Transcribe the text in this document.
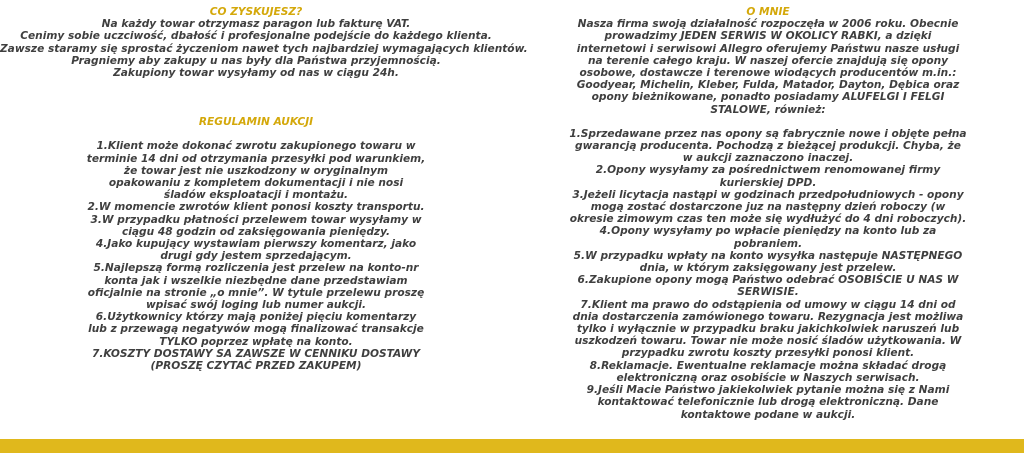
CO ZYSKUJESZ?
Na każdy towar otrzymasz paragon lub fakturę VAT.
Cenimy sobie uczciwość, dbałość i profesjonalne podejście do każdego klienta.
Zawsze staramy się sprostać życzeniom nawet tych najbardziej wymagających klientów.
Pragniemy aby zakupy u nas były dla Państwa przyjemnością.
Zakupiony towar wysyłamy od nas w ciągu 24h.
REGULAMIN AUKCJI
1.Klient może dokonać zwrotu zakupionego towaru w
terminie 14 dni od otrzymania przesyłki pod warunkiem,
że towar jest nie uszkodzony w oryginalnym
opakowaniu z kompletem dokumentacji i nie nosi
śladów eksploatacji i montażu.
2.W momencie zwrotów klient ponosi koszty transportu.
3.W przypadku płatności przelewem towar wysyłamy w
ciągu 48 godzin od zaksięgowania pieniędzy.
4.Jako kupujący wystawiam pierwszy komentarz, jako
drugi gdy jestem sprzedającym.
5.Najlepszą formą rozliczenia jest przelew na konto-nr
konta jak i wszelkie niezbędne dane przedstawiam
oficjalnie na stronie „o mnie”. W tytule przelewu proszę
wpisać swój loging lub numer aukcji.
6.Użytkownicy którzy mają poniżej pięciu komentarzy
lub z przewagą negatywów mogą finalizować transakcje
TYLKO poprzez wpłatę na konto.
7.KOSZTY DOSTAWY SA ZAWSZE W CENNIKU DOSTAWY
(PROSZĘ CZYTAĆ PRZED ZAKUPEM)
O MNIE
Nasza firma swoją działalność rozpoczęła w 2006 roku. Obecnie
prowadzimy JEDEN SERWIS W OKOLICY RABKI, a dzięki
internetowi i serwisowi Allegro oferujemy Państwu nasze usługi
na terenie całego kraju. W naszej ofercie znajdują się opony
osobowe, dostawcze i terenowe wiodących producentów m.in.:
Goodyear, Michelin, Kleber, Fulda, Matador, Dayton, Dębica oraz
opony bieżnikowane, ponadto posiadamy ALUFELGI I FELGI
STALOWE, również:
1.Sprzedawane przez nas opony są fabrycznie nowe i objęte pełna
gwarancją producenta. Pochodzą z bieżącej produkcji. Chyba, że
w aukcji zaznaczono inaczej.
2.Opony wysyłamy za pośrednictwem renomowanej firmy
kurierskiej DPD.
3.Jeżeli licytacja nastąpi w godzinach przedpołudniowych - opony
mogą zostać dostarczone juz na następny dzień roboczy (w
okresie zimowym czas ten może się wydłużyć do 4 dni roboczych).
4.Opony wysyłamy po wpłacie pieniędzy na konto lub za
pobraniem.
5.W przypadku wpłaty na konto wysyłka następuje NASTĘPNEGO
dnia, w którym zaksięgowany jest przelew.
6.Zakupione opony mogą Państwo odebrać OSOBIŚCIE U NAS W
SERWISIE.
7.Klient ma prawo do odstąpienia od umowy w ciągu 14 dni od
dnia dostarczenia zamówionego towaru. Rezygnacja jest możliwa
tylko i wyłącznie w przypadku braku jakichkolwiek naruszeń lub
uszkodzeń towaru. Towar nie może nosić śladów użytkowania. W
przypadku zwrotu koszty przesyłki ponosi klient.
8.Reklamacje. Ewentualne reklamacje można składać drogą
elektroniczną oraz osobiście w Naszych serwisach.
9.Jeśli Macie Państwo jakiekolwiek pytanie można się z Nami
kontaktować telefonicznie lub drogą elektroniczną. Dane
kontaktowe podane w aukcji.
